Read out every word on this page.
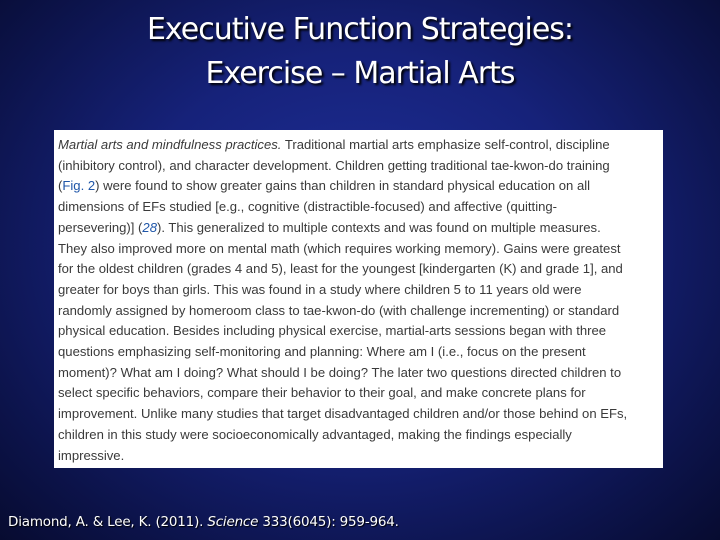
Executive Function Strategies:
Exercise – Martial Arts
Martial arts and mindfulness practices. Traditional martial arts emphasize self-control, discipline
(inhibitory control), and character development. Children getting traditional tae-kwon-do training
(Fig. 2) were found to show greater gains than children in standard physical education on all
dimensions of EFs studied [e.g., cognitive (distractible-focused) and affective (quitting-
persevering)] (28). This generalized to multiple contexts and was found on multiple measures.
They also improved more on mental math (which requires working memory). Gains were greatest
for the oldest children (grades 4 and 5), least for the youngest [kindergarten (K) and grade 1], and
greater for boys than girls. This was found in a study where children 5 to 11 years old were
randomly assigned by homeroom class to tae-kwon-do (with challenge incrementing) or standard
physical education. Besides including physical exercise, martial-arts sessions began with three
questions emphasizing self-monitoring and planning: Where am I (i.e., focus on the present
moment)? What am I doing? What should I be doing? The later two questions directed children to
select specific behaviors, compare their behavior to their goal, and make concrete plans for
improvement. Unlike many studies that target disadvantaged children and/or those behind on EFs,
children in this study were socioeconomically advantaged, making the findings especially
impressive.
Diamond, A. & Lee, K. (2011). Science 333(6045): 959-964.
